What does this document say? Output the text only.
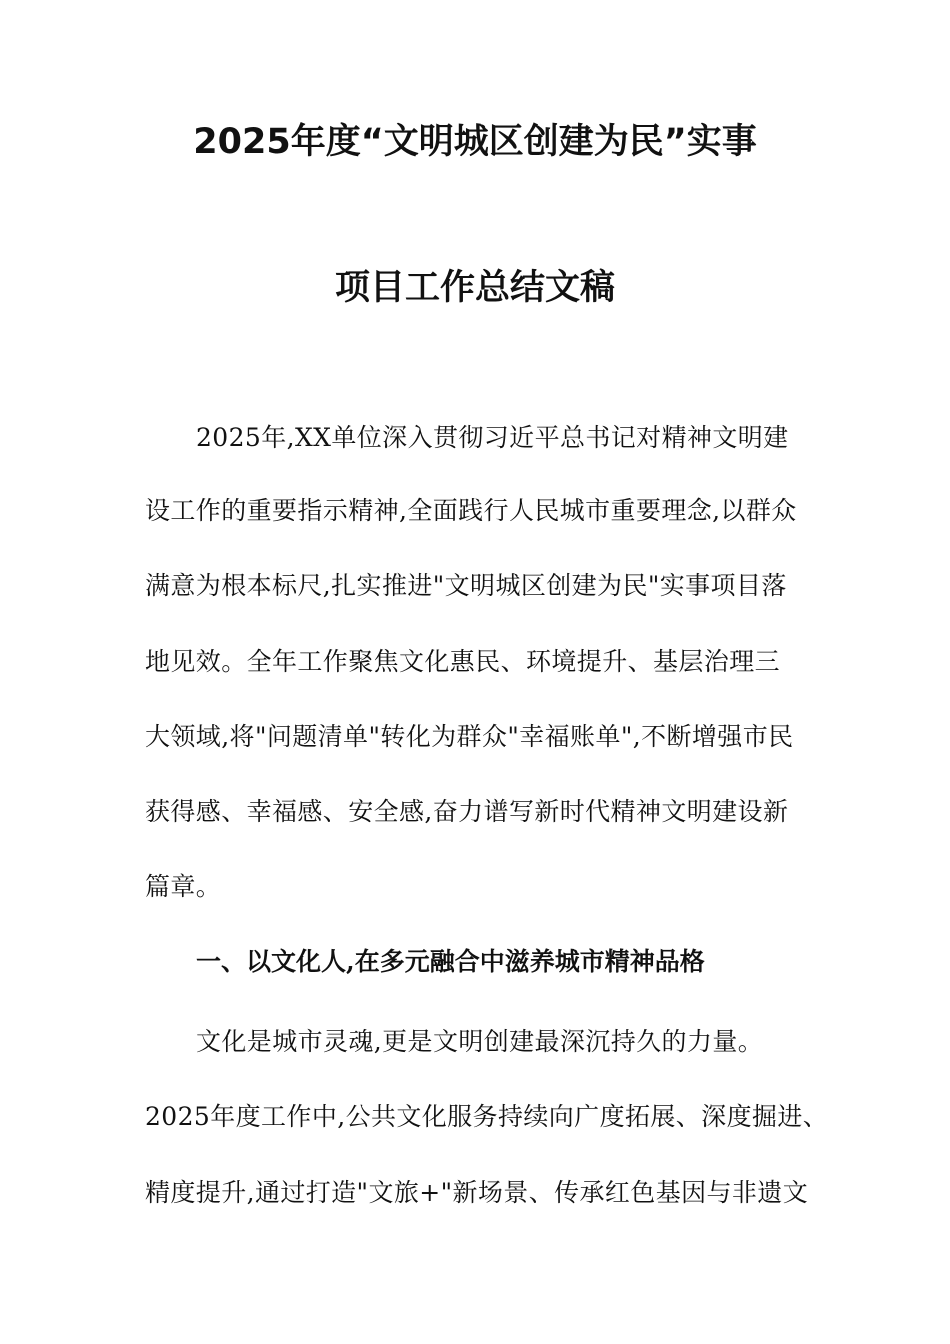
2025年度“文明城区创建为民”实事
项目工作总结文稿
2025年,XX单位深入贯彻习近平总书记对精神文明建
设工作的重要指示精神,全面践行人民城市重要理念,以群众
满意为根本标尺,扎实推进"文明城区创建为民"实事项目落
地见效。全年工作聚焦文化惠民、环境提升、基层治理三
大领域,将"问题清单"转化为群众"幸福账单",不断增强市民
获得感、幸福感、安全感,奋力谱写新时代精神文明建设新
篇章。
一、以文化人,在多元融合中滋养城市精神品格
文化是城市灵魂,更是文明创建最深沉持久的力量。
2025年度工作中,公共文化服务持续向广度拓展、深度掘进、
精度提升,通过打造"文旅+"新场景、传承红色基因与非遗文
